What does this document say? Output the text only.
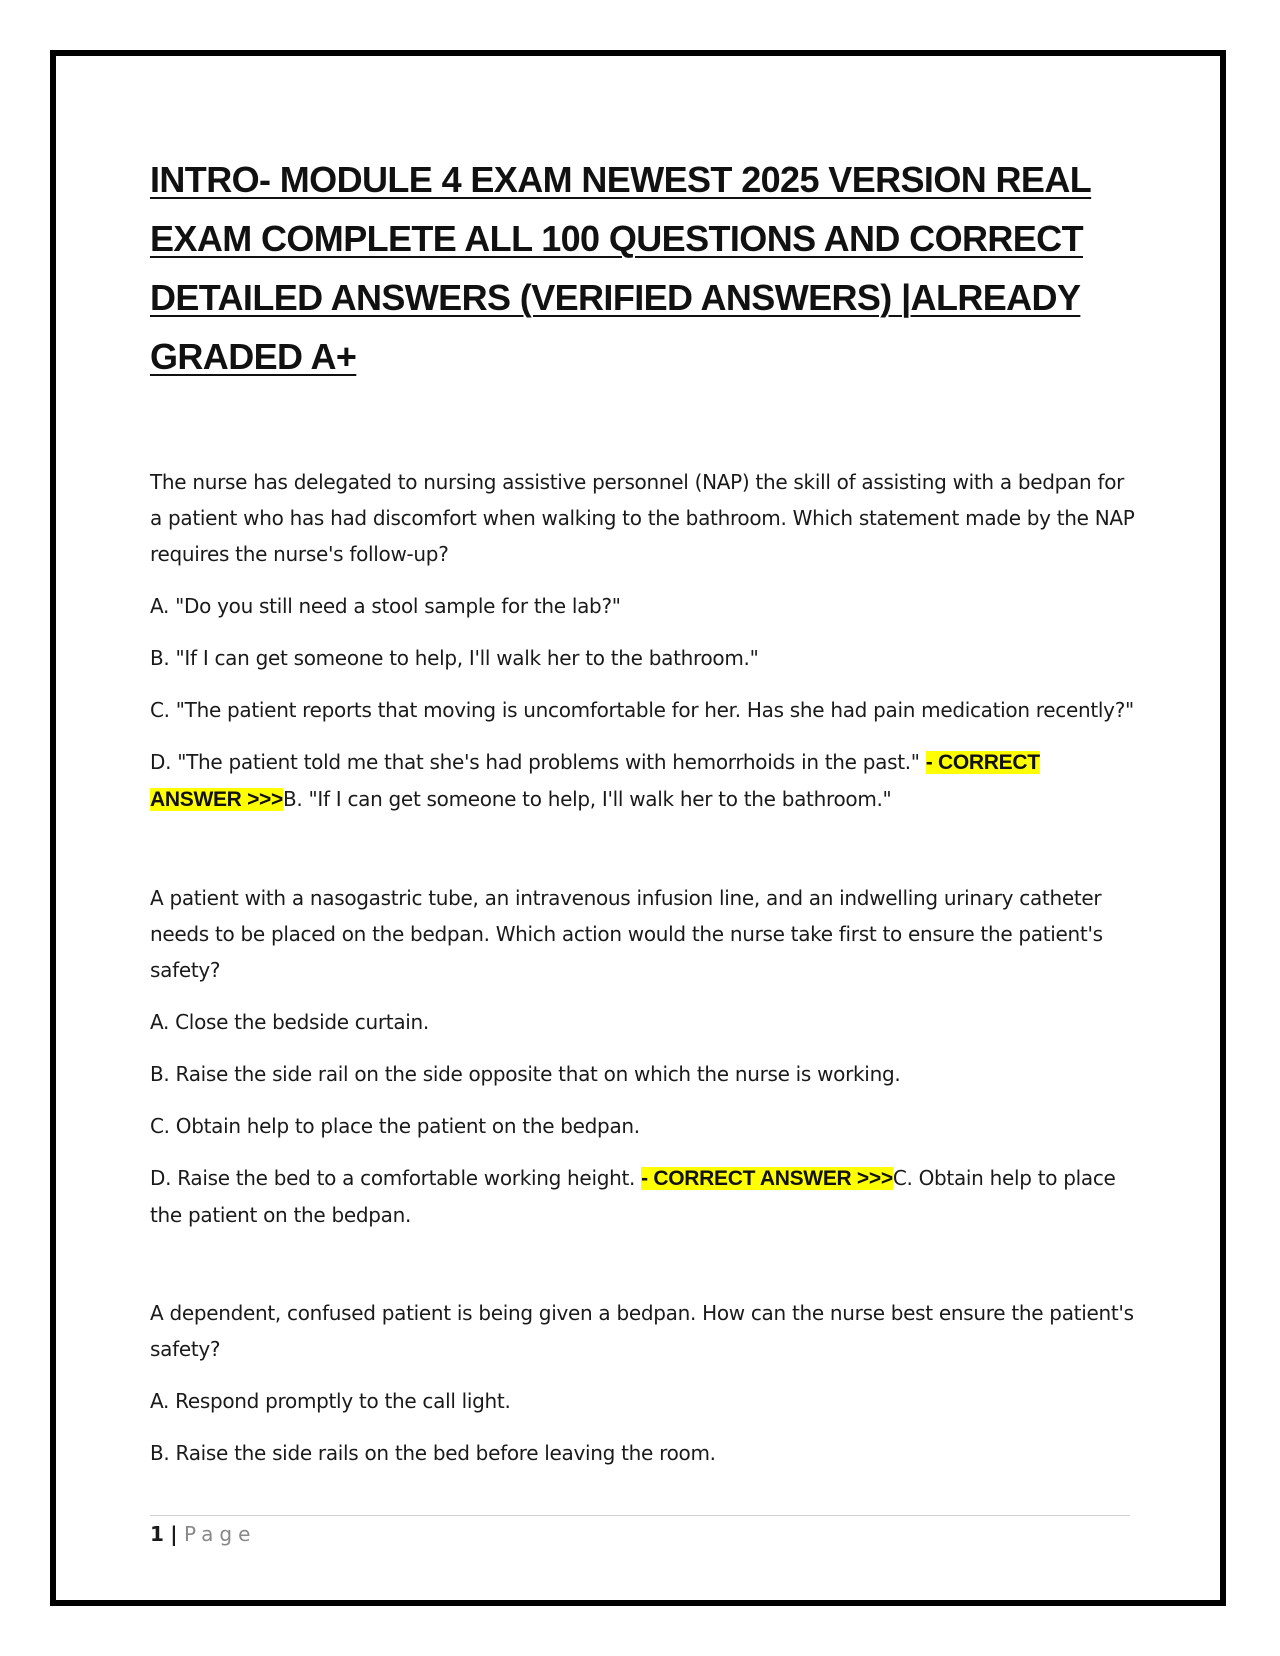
INTRO- MODULE 4 EXAM NEWEST 2025 VERSION REAL EXAM COMPLETE ALL 100 QUESTIONS AND CORRECT DETAILED ANSWERS (VERIFIED ANSWERS) |ALREADY GRADED A+

The nurse has delegated to nursing assistive personnel (NAP) the skill of assisting with a bedpan for a patient who has had discomfort when walking to the bathroom. Which statement made by the NAP requires the nurse's follow-up?

A. "Do you still need a stool sample for the lab?"

B. "If I can get someone to help, I'll walk her to the bathroom."

C. "The patient reports that moving is uncomfortable for her. Has she had pain medication recently?"

D. "The patient told me that she's had problems with hemorrhoids in the past." - CORRECT ANSWER >>>B. "If I can get someone to help, I'll walk her to the bathroom."

A patient with a nasogastric tube, an intravenous infusion line, and an indwelling urinary catheter needs to be placed on the bedpan. Which action would the nurse take first to ensure the patient's safety?

A. Close the bedside curtain.

B. Raise the side rail on the side opposite that on which the nurse is working.

C. Obtain help to place the patient on the bedpan.

D. Raise the bed to a comfortable working height. - CORRECT ANSWER >>>C. Obtain help to place the patient on the bedpan.

A dependent, confused patient is being given a bedpan. How can the nurse best ensure the patient's safety?

A. Respond promptly to the call light.

B. Raise the side rails on the bed before leaving the room.

1 | Page
